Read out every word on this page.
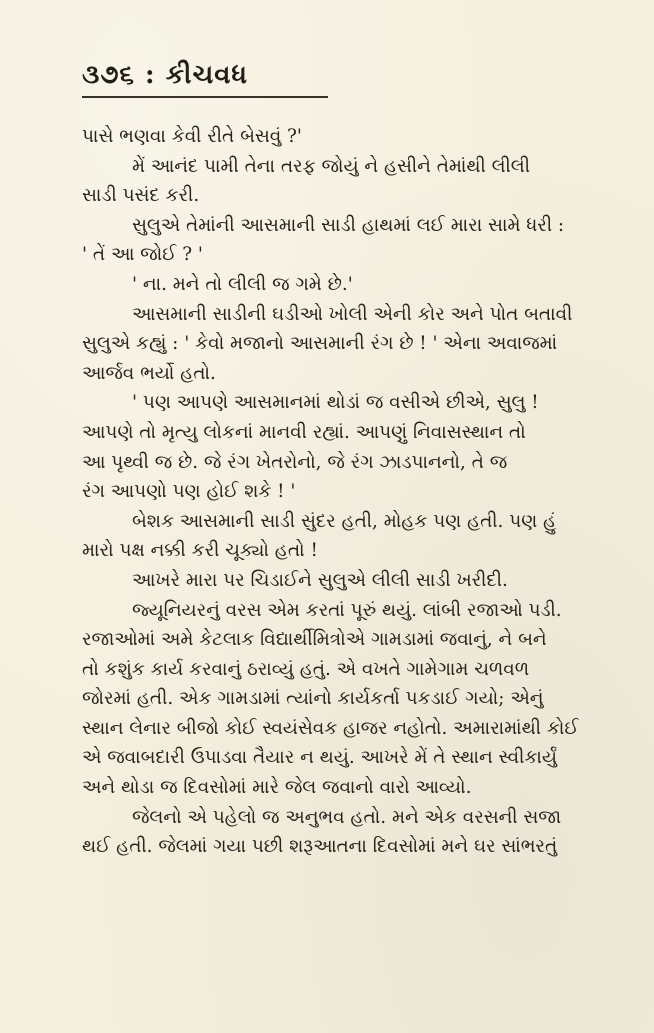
૩૭૬ : કીચવધ
પાસે ભણવા કેવી રીતે બેસવું ?'
મેં આનંદ પામી તેના તરફ જોયું ને હસીને તેમાંથી લીલી
સાડી પસંદ કરી.
સુલુએ તેમાંની આસમાની સાડી હાથમાં લઈ મારા સામે ધરી :
' તેં આ જોઈ ? '
' ના. મને તો લીલી જ ગમે છે.'
આસમાની સાડીની ઘડીઓ ખોલી એની કોર અને પોત બતાવી
સુલુએ કહ્યું : ' કેવો મજાનો આસમાની રંગ છે ! ' એના અવાજમાં
આર્જવ ભર્યો હતો.
' પણ આપણે આસમાનમાં થોડાં જ વસીએ છીએ, સુલુ !
આપણે તો મૃત્યુ લોકનાં માનવી રહ્યાં. આપણું નિવાસસ્થાન તો
આ પૃથ્વી જ છે. જે રંગ ખેતરોનો, જે રંગ ઝાડપાનનો, તે જ
રંગ આપણો પણ હોઈ શકે ! '
બેશક આસમાની સાડી સુંદર હતી, મોહક પણ હતી. પણ હું
મારો પક્ષ નક્કી કરી ચૂક્યો હતો !
આખરે મારા પર ચિડાઈને સુલુએ લીલી સાડી ખરીદી.
જ્યૂનિયરનું વરસ એમ કરતાં પૂરું થયું. લાંબી રજાઓ પડી.
રજાઓમાં અમે કેટલાક વિદ્યાર્થીમિત્રોએ ગામડામાં જવાનું, ને બને
તો કશુંક કાર્ય કરવાનું ઠરાવ્યું હતું. એ વખતે ગામેગામ ચળવળ
જોરમાં હતી. એક ગામડામાં ત્યાંનો કાર્યકર્તા પકડાઈ ગયો; એનું
સ્થાન લેનાર બીજો કોઈ સ્વયંસેવક હાજર નહોતો. અમારામાંથી કોઈ
એ જવાબદારી ઉપાડવા તૈયાર ન થયું. આખરે મેં તે સ્થાન સ્વીકાર્યું
અને થોડા જ દિવસોમાં મારે જેલ જવાનો વારો આવ્યો.
જેલનો એ પહેલો જ અનુભવ હતો. મને એક વરસની સજા
થઈ હતી. જેલમાં ગયા પછી શરૂઆતના દિવસોમાં મને ઘર સાંભરતું
